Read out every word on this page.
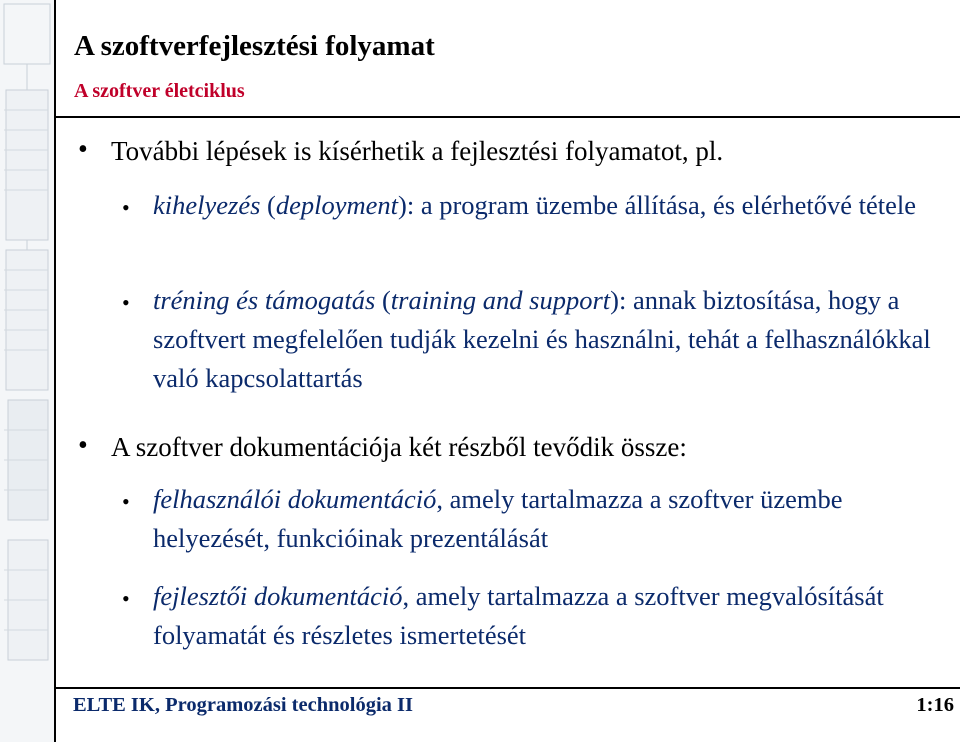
A szoftverfejlesztési folyamat
A szoftver életciklus
• További lépések is kísérhetik a fejlesztési folyamatot, pl.
• kihelyezés (deployment): a program üzembe állítása, és elérhetővé tétele
• tréning és támogatás (training and support): annak biztosítása, hogy a szoftvert megfelelően tudják kezelni és használni, tehát a felhasználókkal való kapcsolattartás
• A szoftver dokumentációja két részből tevődik össze:
• felhasználói dokumentáció, amely tartalmazza a szoftver üzembe helyezését, funkcióinak prezentálását
• fejlesztői dokumentáció, amely tartalmazza a szoftver megvalósítását folyamatát és részletes ismertetését
ELTE IK, Programozási technológia II	1:16
